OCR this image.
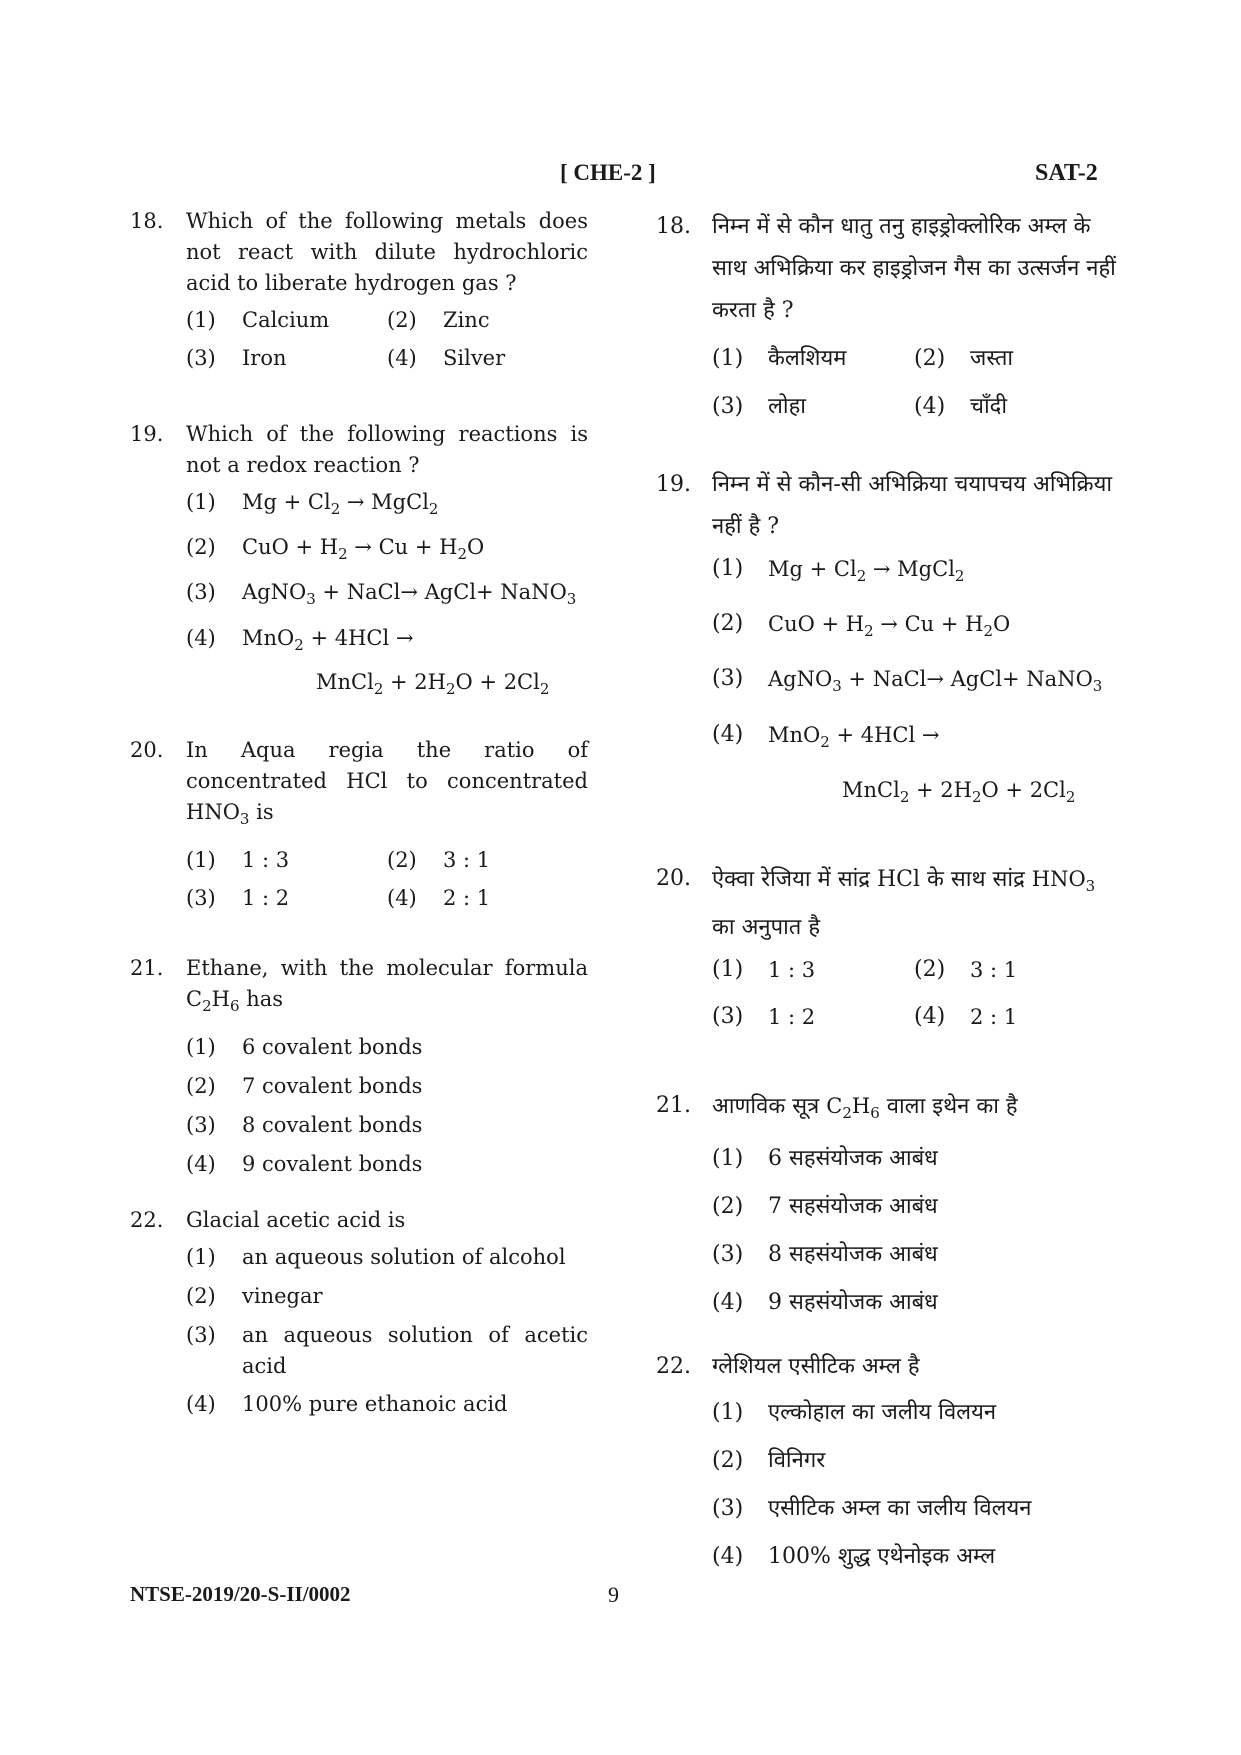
[ CHE-2 ]	SAT-2
18. Which of the following metals does not react with dilute hydrochloric acid to liberate hydrogen gas ?
(1) Calcium	(2) Zinc
(3) Iron	(4) Silver
19. Which of the following reactions is not a redox reaction ?
(1) $Mg + Cl_2$ → MgCl$_2$
(2) CuO + $H_2 \to Cu + H_2O$
(3) AgNO$_3$ + NaCl→ AgCl+ NaNO$_3$
(4) MnO$_2$ + 4HCl →
MnCl$_2$ + $2H_2O + 2Cl_2$
20. In Aqua regia the ratio of concentrated HCl to concentrated $HNO_3$ is
(1) 1 : 3	(2) 3 : 1
(3) 1 : 2	(4) 2 : 1
21. Ethane, with the molecular formula $C_2H_6$ has
(1) 6 covalent bonds
(2) 7 covalent bonds
(3) 8 covalent bonds
(4) 9 covalent bonds
22. Glacial acetic acid is
(1) an aqueous solution of alcohol
(2) vinegar
(3) an aqueous solution of acetic acid
(4) 100% pure ethanoic acid
18. निम्न में से कौन धातु तनु हाइड्रोक्लोरिक अम्ल के साथ अभिक्रिया कर हाइड्रोजन गैस का उत्सर्जन नहीं करता है ?
(1) कैलशियम	(2) जस्ता
(3) लोहा	(4) चाँदी
19. निम्न में से कौन-सी अभिक्रिया चयापचय अभिक्रिया नहीं है ?
(1) $Mg + Cl_2$ → MgCl$_2$
(2) CuO + $H_2 \to Cu + H_2O$
(3) AgNO$_3$ + NaCl→ AgCl+ NaNO$_3$
(4) MnO$_2$ + 4HCl →
MnCl$_2$ + $2H_2O + 2Cl_2$
20. ऐक्वा रेजिया में सांद्र HCl के साथ सांद्र $HNO_3$ का अनुपात है
(1) 1 : 3	(2) 3 : 1
(3) 1 : 2	(4) 2 : 1
21. आणविक सूत्र $C_2H_6$ वाला इथेन का है
(1) 6 सहसंयोजक आबंध
(2) 7 सहसंयोजक आबंध
(3) 8 सहसंयोजक आबंध
(4) 9 सहसंयोजक आबंध
22. ग्लेशियल एसीटिक अम्ल है
(1) एल्कोहाल का जलीय विलयन
(2) विनिगर
(3) एसीटिक अम्ल का जलीय विलयन
(4) 100% शुद्ध एथेनोइक अम्ल
NTSE-2019/20-S-II/0002	9
